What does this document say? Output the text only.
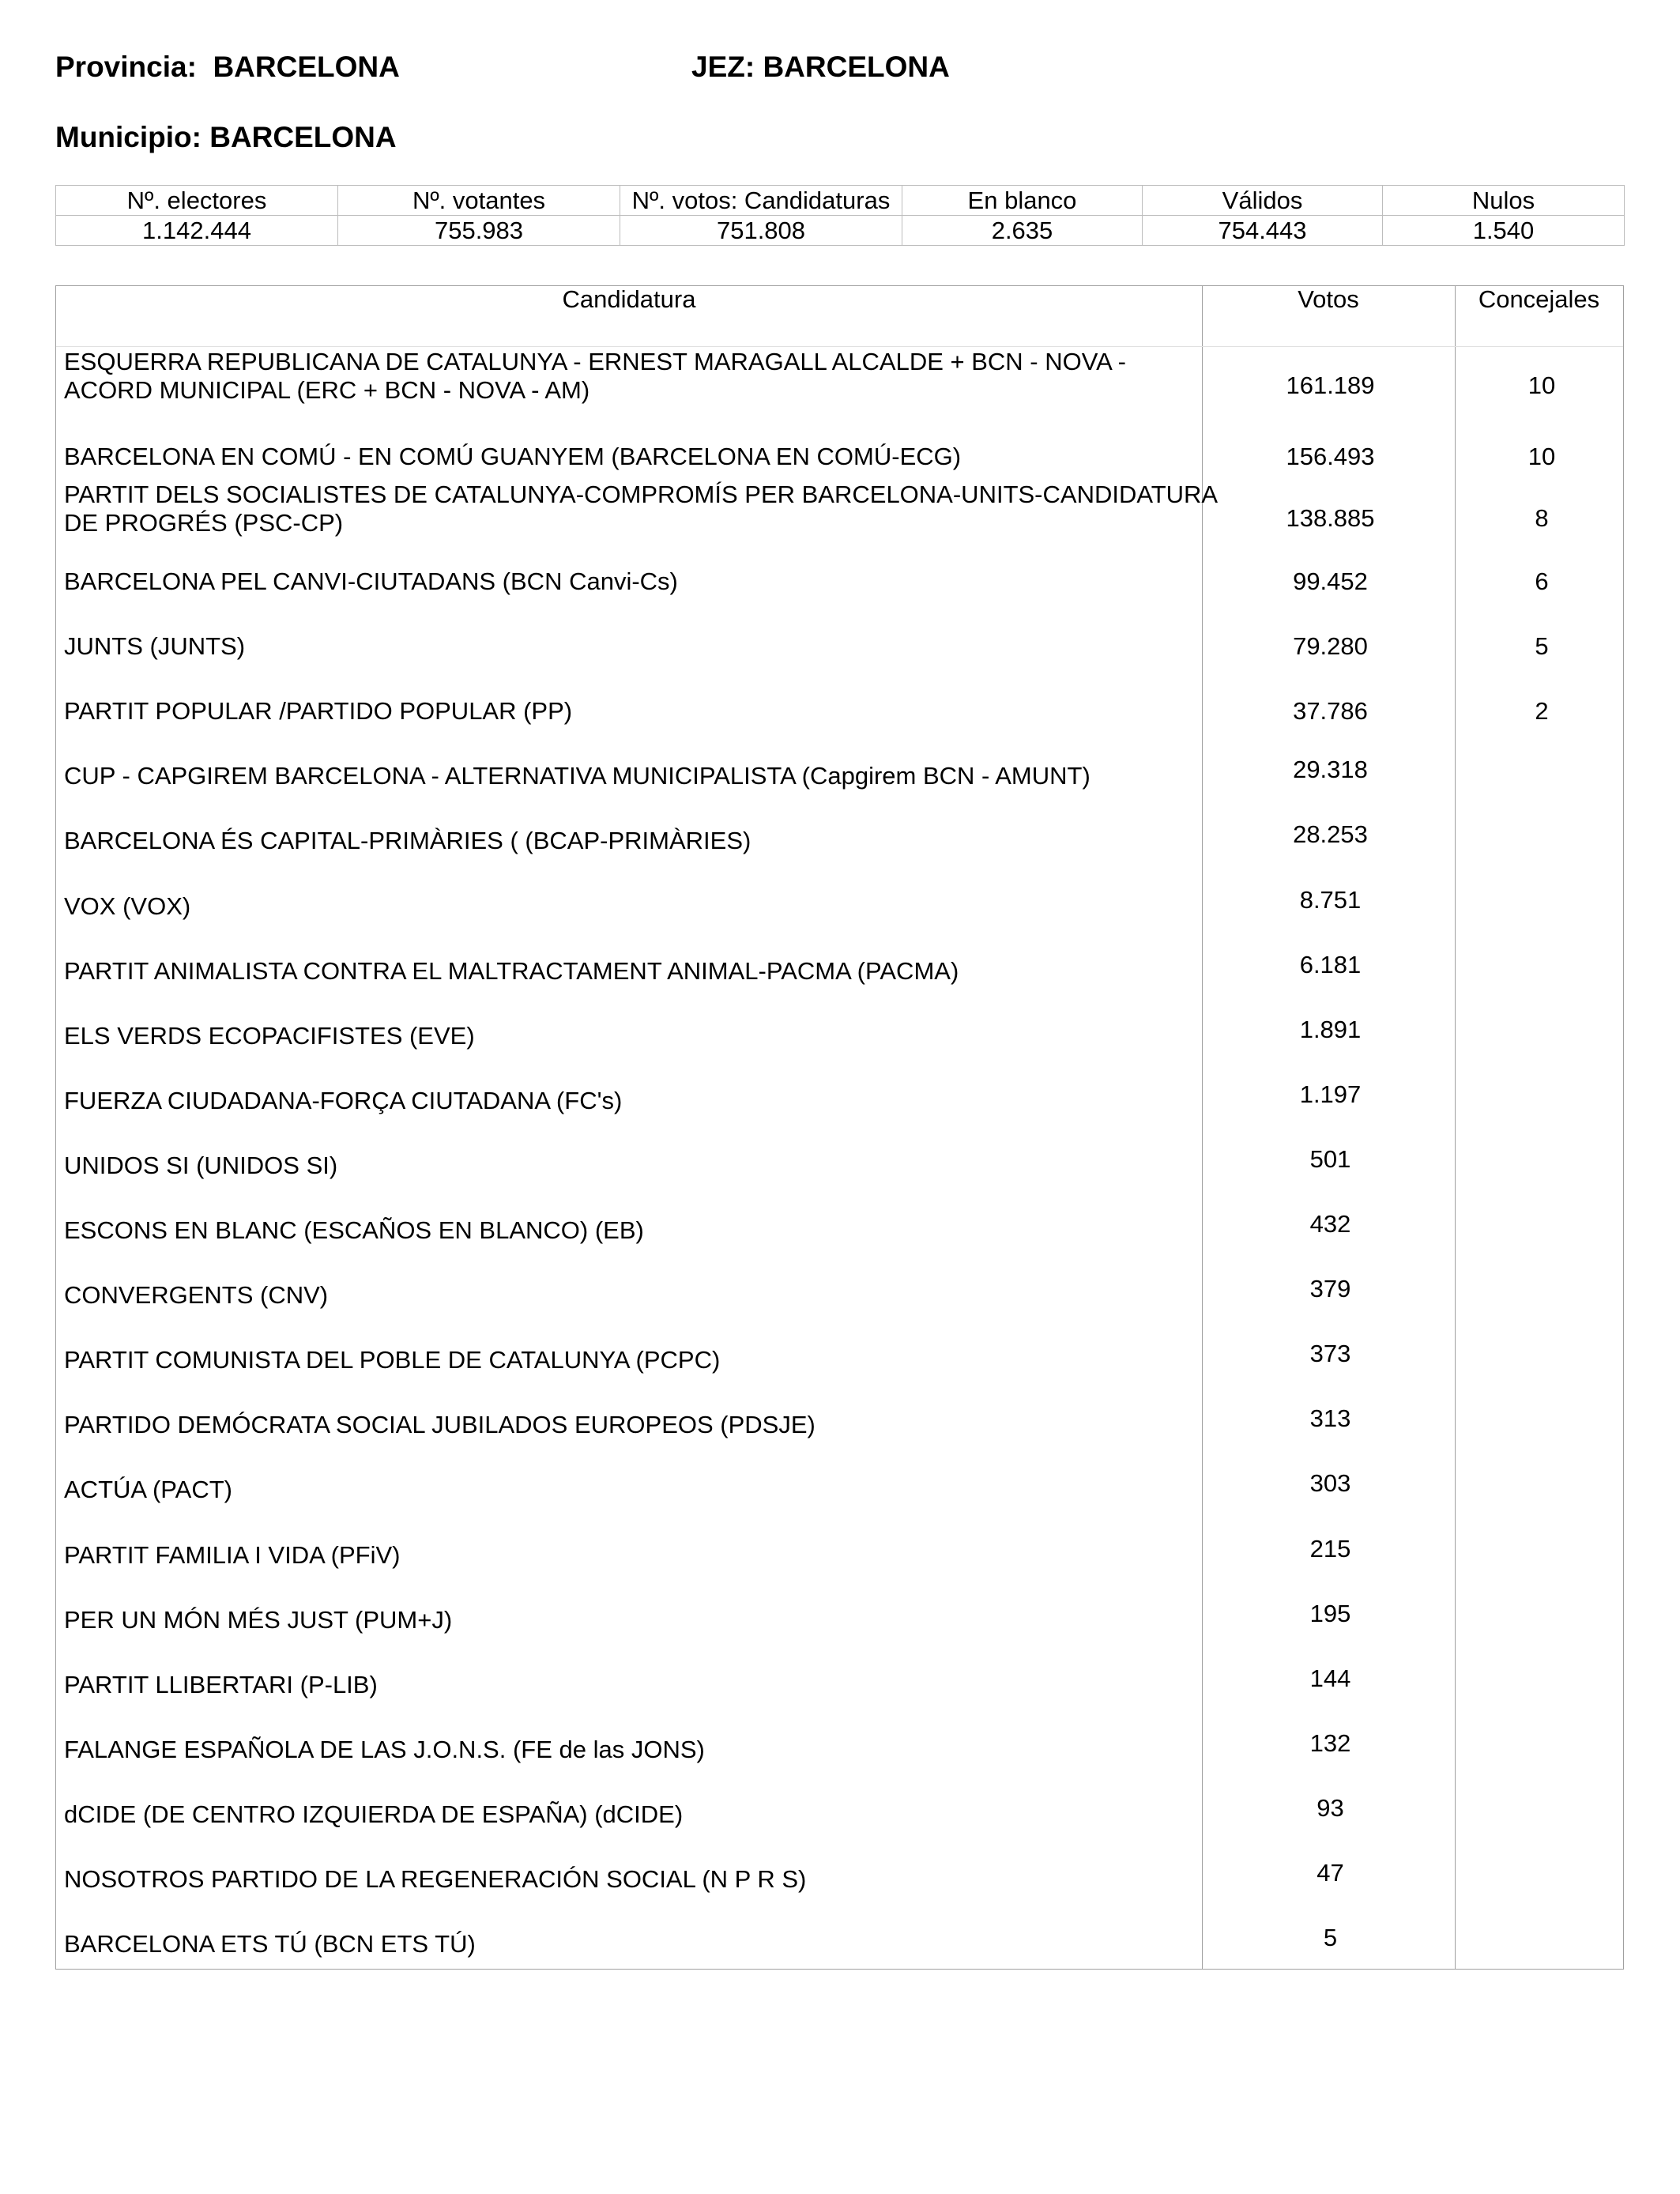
Provincia:  BARCELONA	JEZ: BARCELONA
Municipio: BARCELONA
Nº. electores	Nº. votantes	Nº. votos: Candidaturas	En blanco	Válidos	Nulos
1.142.444	755.983	751.808	2.635	754.443	1.540
Candidatura	Votos	Concejales
ESQUERRA REPUBLICANA DE CATALUNYA - ERNEST MARAGALL ALCALDE + BCN - NOVA - ACORD MUNICIPAL (ERC + BCN - NOVA - AM)	161.189	10
BARCELONA EN COMÚ - EN COMÚ GUANYEM (BARCELONA EN COMÚ-ECG)	156.493	10
PARTIT DELS SOCIALISTES DE CATALUNYA-COMPROMÍS PER BARCELONA-UNITS-CANDIDATURA DE PROGRÉS (PSC-CP)	138.885	8
BARCELONA PEL CANVI-CIUTADANS (BCN Canvi-Cs)	99.452	6
JUNTS (JUNTS)	79.280	5
PARTIT POPULAR /PARTIDO POPULAR (PP)	37.786	2
CUP - CAPGIREM BARCELONA - ALTERNATIVA MUNICIPALISTA (Capgirem BCN - AMUNT)	29.318
BARCELONA ÉS CAPITAL-PRIMÀRIES ( (BCAP-PRIMÀRIES)	28.253
VOX (VOX)	8.751
PARTIT ANIMALISTA CONTRA EL MALTRACTAMENT ANIMAL-PACMA (PACMA)	6.181
ELS VERDS ECOPACIFISTES (EVE)	1.891
FUERZA CIUDADANA-FORÇA CIUTADANA (FC's)	1.197
UNIDOS SI (UNIDOS SI)	501
ESCONS EN BLANC (ESCAÑOS EN BLANCO) (EB)	432
CONVERGENTS (CNV)	379
PARTIT COMUNISTA DEL POBLE DE CATALUNYA (PCPC)	373
PARTIDO DEMÓCRATA SOCIAL JUBILADOS EUROPEOS (PDSJE)	313
ACTÚA (PACT)	303
PARTIT FAMILIA I VIDA (PFiV)	215
PER UN MÓN MÉS JUST (PUM+J)	195
PARTIT LLIBERTARI (P-LIB)	144
FALANGE ESPAÑOLA DE LAS J.O.N.S. (FE de las JONS)	132
dCIDE (DE CENTRO IZQUIERDA DE ESPAÑA) (dCIDE)	93
NOSOTROS PARTIDO DE LA REGENERACIÓN SOCIAL (N P R S)	47
BARCELONA ETS TÚ (BCN ETS TÚ)	5
